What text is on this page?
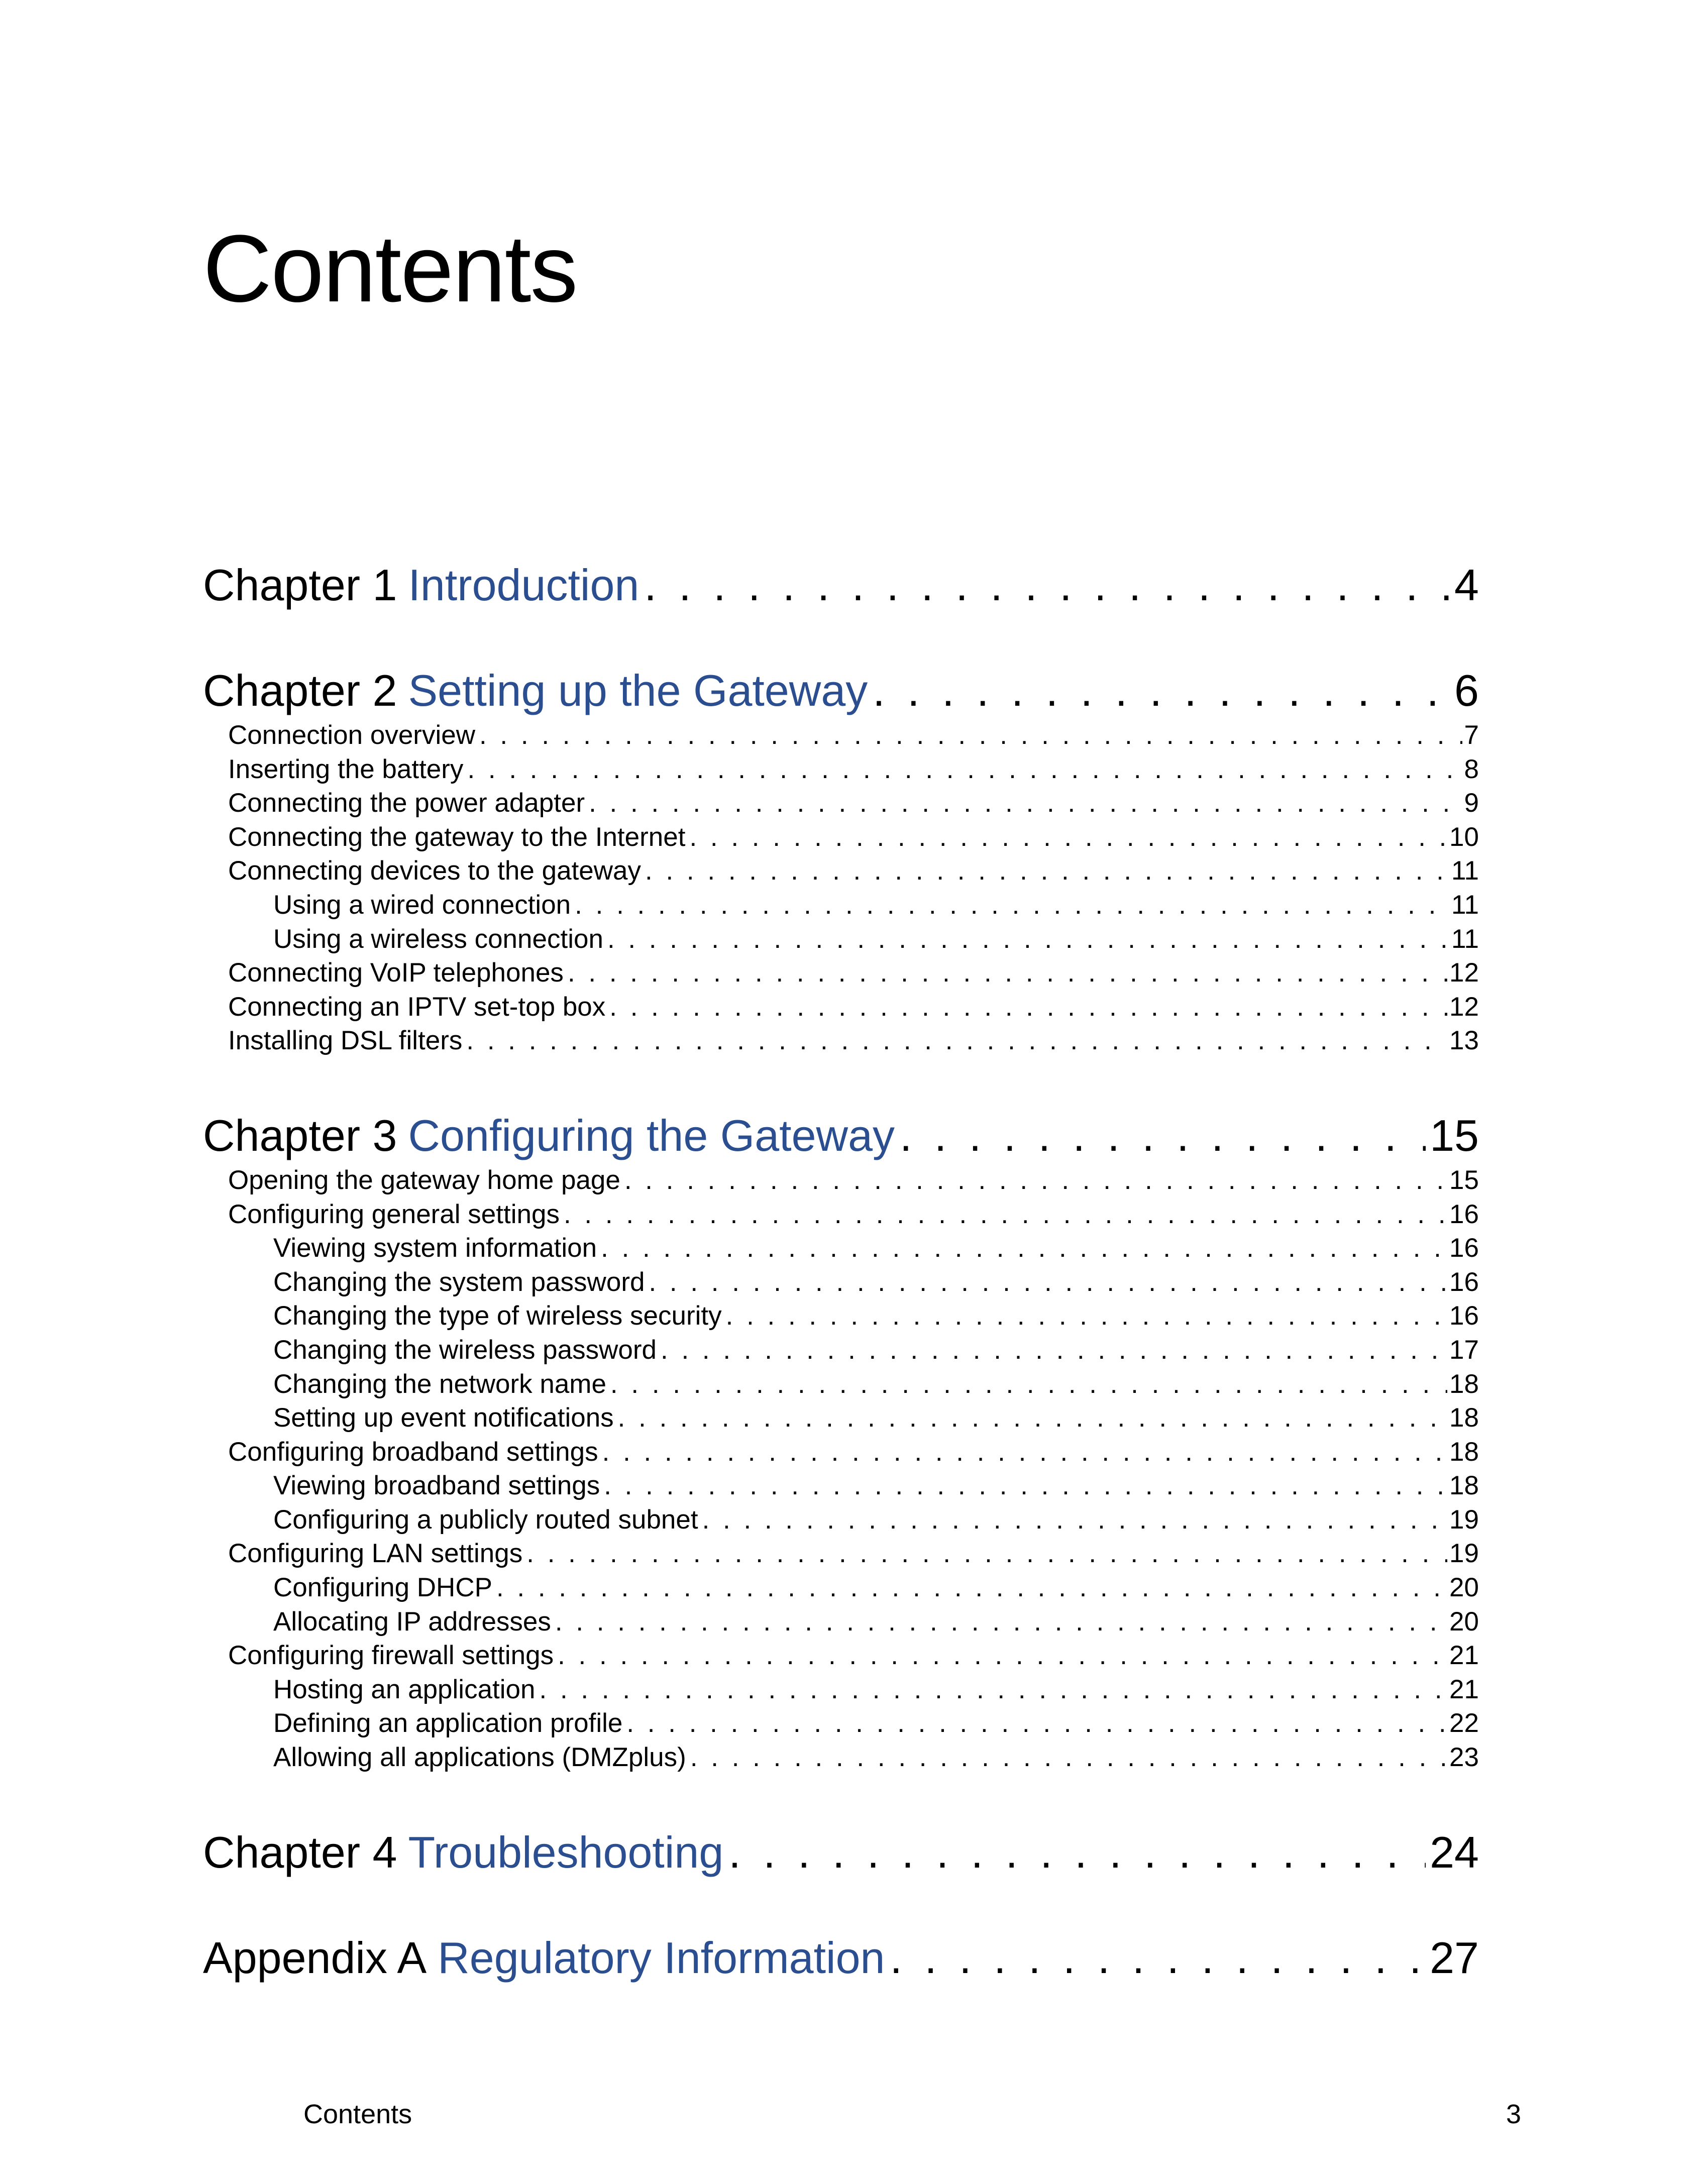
Contents
Chapter 1 Introduction . . .	4
Chapter 2 Setting up the Gateway . . .	6
Connection overview . . .	7
Inserting the battery . . .	8
Connecting the power adapter . . .	9
Connecting the gateway to the Internet . . .	10
Connecting devices to the gateway . . .	11
Using a wired connection . . .	11
Using a wireless connection . . .	11
Connecting VoIP telephones . . .	12
Connecting an IPTV set-top box . . .	12
Installing DSL filters . . .	13
Chapter 3 Configuring the Gateway . . .	15
Opening the gateway home page . . .	15
Configuring general settings . . .	16
Viewing system information . . .	16
Changing the system password . . .	16
Changing the type of wireless security . . .	16
Changing the wireless password . . .	17
Changing the network name . . .	18
Setting up event notifications . . .	18
Configuring broadband settings . . .	18
Viewing broadband settings . . .	18
Configuring a publicly routed subnet . . .	19
Configuring LAN settings . . .	19
Configuring DHCP . . .	20
Allocating IP addresses . . .	20
Configuring firewall settings . . .	21
Hosting an application . . .	21
Defining an application profile . . .	22
Allowing all applications (DMZplus) . . .	23
Chapter 4 Troubleshooting . . .	24
Appendix A Regulatory Information . . .	27
Contents	3
